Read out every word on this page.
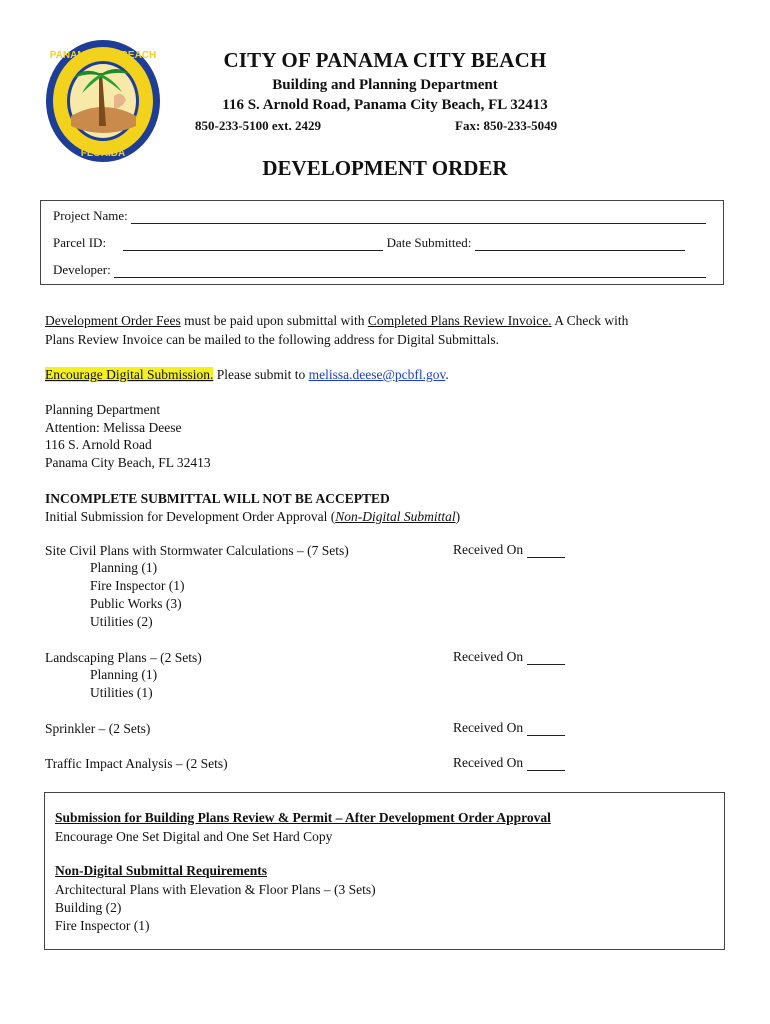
PANAMA CITY BEACH
FLORIDA
CITY OF PANAMA CITY BEACH
Building and Planning Department
116 S. Arnold Road, Panama City Beach, FL 32413
850-233-5100 ext. 2429	Fax: 850-233-5049
DEVELOPMENT ORDER
Project Name:
Parcel ID:	Date Submitted:
Developer:
Development Order Fees must be paid upon submittal with Completed Plans Review Invoice. A Check with
Plans Review Invoice can be mailed to the following address for Digital Submittals.
Encourage Digital Submission. Please submit to melissa.deese@pcbfl.gov.
Planning Department
Attention: Melissa Deese
116 S. Arnold Road
Panama City Beach, FL 32413
INCOMPLETE SUBMITTAL WILL NOT BE ACCEPTED
Initial Submission for Development Order Approval (Non-Digital Submittal)
Site Civil Plans with Stormwater Calculations – (7 Sets)	Received On
Planning (1)
Fire Inspector (1)
Public Works (3)
Utilities (2)
Landscaping Plans – (2 Sets)	Received On
Planning (1)
Utilities (1)
Sprinkler – (2 Sets)	Received On
Traffic Impact Analysis – (2 Sets)	Received On
Submission for Building Plans Review & Permit – After Development Order Approval
Encourage One Set Digital and One Set Hard Copy
Non-Digital Submittal Requirements
Architectural Plans with Elevation & Floor Plans – (3 Sets)
Building (2)
Fire Inspector (1)
